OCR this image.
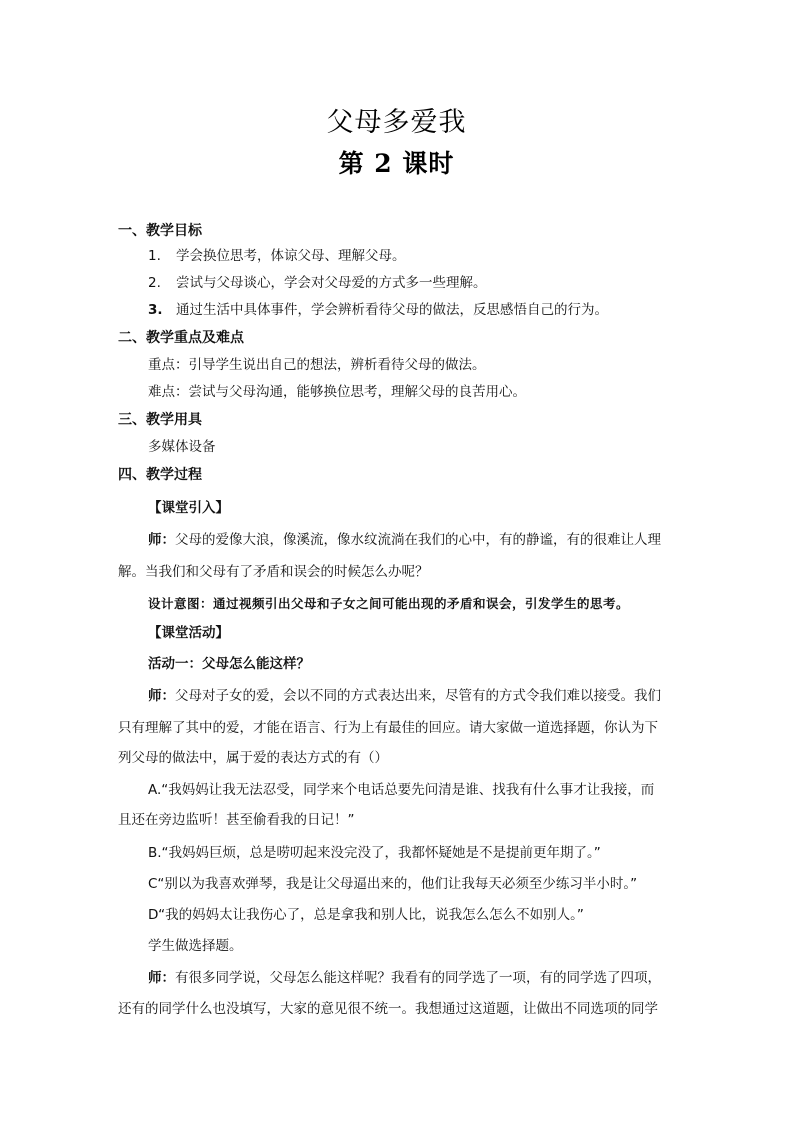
父母多爱我
第 2 课时
一、教学目标
1. 学会换位思考，体谅父母、理解父母。
2. 尝试与父母谈心，学会对父母爱的方式多一些理解。
3. 通过生活中具体事件，学会辨析看待父母的做法，反思感悟自己的行为。
二、教学重点及难点
重点：引导学生说出自己的想法，辨析看待父母的做法。
难点：尝试与父母沟通，能够换位思考，理解父母的良苦用心。
三、教学用具
多媒体设备
四、教学过程
【课堂引入】
师：父母的爱像大浪，像溪流，像水纹流淌在我们的心中，有的静谧，有的很难让人理
解。当我们和父母有了矛盾和误会的时候怎么办呢？
设计意图：通过视频引出父母和子女之间可能出现的矛盾和误会，引发学生的思考。
【课堂活动】
活动一：父母怎么能这样？
师：父母对子女的爱，会以不同的方式表达出来，尽管有的方式令我们难以接受。我们
只有理解了其中的爱，才能在语言、行为上有最佳的回应。请大家做一道选择题，你认为下
列父母的做法中，属于爱的表达方式的有（）
A.“我妈妈让我无法忍受，同学来个电话总要先问清是谁、找我有什么事才让我接，而
且还在旁边监听！甚至偷看我的日记！”
B.“我妈妈巨烦，总是唠叨起来没完没了，我都怀疑她是不是提前更年期了。”
C“别以为我喜欢弹琴，我是让父母逼出来的，他们让我每天必须至少练习半小时。”
D“我的妈妈太让我伤心了，总是拿我和别人比，说我怎么怎么不如别人。”
学生做选择题。
师：有很多同学说，父母怎么能这样呢？我看有的同学选了一项，有的同学选了四项，
还有的同学什么也没填写，大家的意见很不统一。我想通过这道题，让做出不同选项的同学
